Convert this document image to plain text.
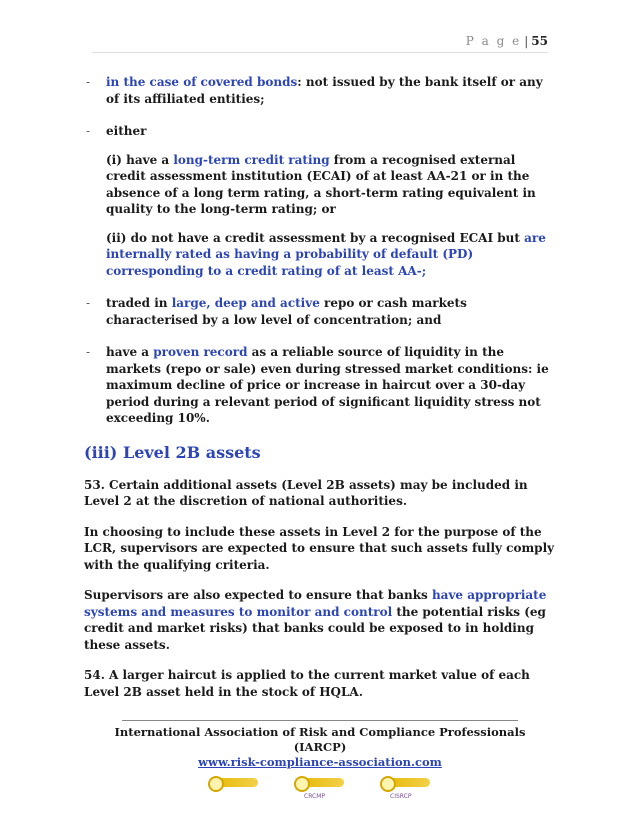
P a g e | 55
- in the case of covered bonds: not issued by the bank itself or any of its affiliated entities;
- either
(i) have a long-term credit rating from a recognised external credit assessment institution (ECAI) of at least AA-21 or in the absence of a long term rating, a short-term rating equivalent in quality to the long-term rating; or
(ii) do not have a credit assessment by a recognised ECAI but are internally rated as having a probability of default (PD) corresponding to a credit rating of at least AA-;
- traded in large, deep and active repo or cash markets characterised by a low level of concentration; and
- have a proven record as a reliable source of liquidity in the markets (repo or sale) even during stressed market conditions: ie maximum decline of price or increase in haircut over a 30-day period during a relevant period of significant liquidity stress not exceeding 10%.
(iii) Level 2B assets
53. Certain additional assets (Level 2B assets) may be included in Level 2 at the discretion of national authorities.
In choosing to include these assets in Level 2 for the purpose of the LCR, supervisors are expected to ensure that such assets fully comply with the qualifying criteria.
Supervisors are also expected to ensure that banks have appropriate systems and measures to monitor and control the potential risks (eg credit and market risks) that banks could be exposed to in holding these assets.
54. A larger haircut is applied to the current market value of each Level 2B asset held in the stock of HQLA.
International Association of Risk and Compliance Professionals (IARCP)
www.risk-compliance-association.com
CRCMP	CISRCP
